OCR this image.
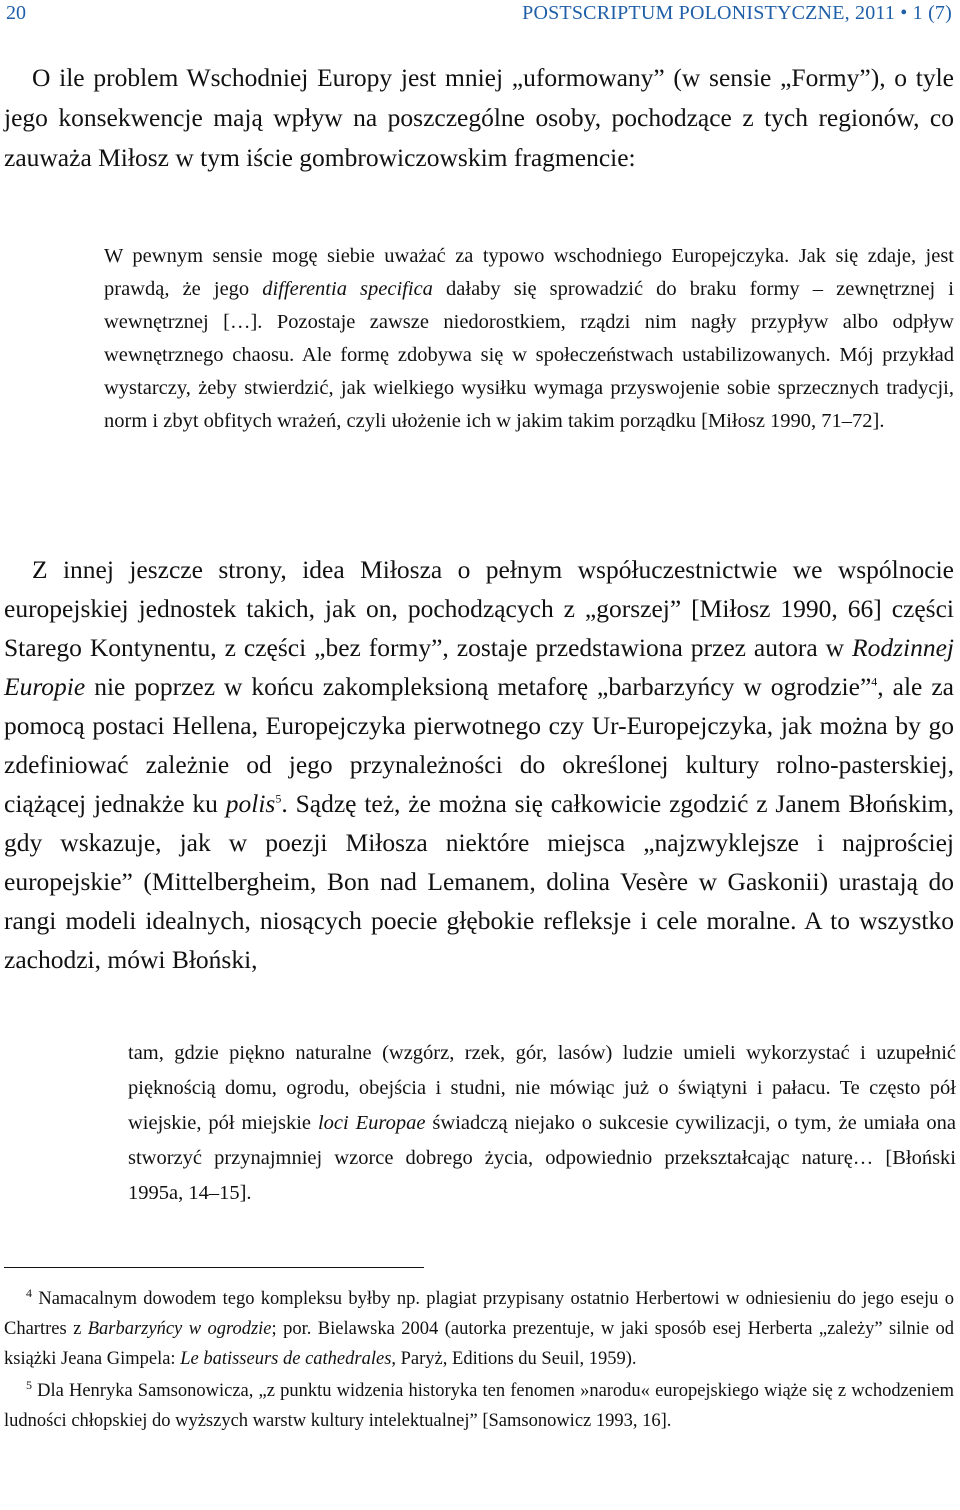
20	POSTSCRIPTUM POLONISTYCZNE, 2011 • 1 (7)

O ile problem Wschodniej Europy jest mniej „uformowany” (w sensie „Formy”), o tyle jego konsekwencje mają wpływ na poszczególne osoby, pochodzące z tych regionów, co zauważa Miłosz w tym iście gombrowiczowskim fragmencie:

W pewnym sensie mogę siebie uważać za typowo wschodniego Europejczyka. Jak się zdaje, jest prawdą, że jego differentia specifica dałaby się sprowadzić do braku formy – zewnętrznej i wewnętrznej […]. Pozostaje zawsze niedorostkiem, rządzi nim nagły przypływ albo odpływ wewnętrznego chaosu. Ale formę zdobywa się w społeczeństwach ustabilizowanych. Mój przykład wystarczy, żeby stwierdzić, jak wielkiego wysiłku wymaga przyswojenie sobie sprzecznych tradycji, norm i zbyt obfitych wrażeń, czyli ułożenie ich w jakim takim porządku [Miłosz 1990, 71–72].

Z innej jeszcze strony, idea Miłosza o pełnym współuczestnictwie we wspólnocie europejskiej jednostek takich, jak on, pochodzących z „gorszej” [Miłosz 1990, 66] części Starego Kontynentu, z części „bez formy”, zostaje przedstawiona przez autora w Rodzinnej Europie nie poprzez w końcu zakompleksioną metaforę „barbarzyńcy w ogrodzie”$^4$, ale za pomocą postaci Hellena, Europejczyka pierwotnego czy Ur-Europejczyka, jak można by go zdefiniować zależnie od jego przynależności do określonej kultury rolno-pasterskiej, ciążącej jednakże ku polis$^5$. Sądzę też, że można się całkowicie zgodzić z Janem Błońskim, gdy wskazuje, jak w poezji Miłosza niektóre miejsca „najzwyklejsze i najprościej europejskie” (Mittelbergheim, Bon nad Lemanem, dolina Vesère w Gaskonii) urastają do rangi modeli idealnych, niosących poecie głębokie refleksje i cele moralne. A to wszystko zachodzi, mówi Błoński,

tam, gdzie piękno naturalne (wzgórz, rzek, gór, lasów) ludzie umieli wykorzystać i uzupełnić pięknością domu, ogrodu, obejścia i studni, nie mówiąc już o świątyni i pałacu. Te często pół wiejskie, pół miejskie loci Europae świadczą niejako o sukcesie cywilizacji, o tym, że umiała ona stworzyć przynajmniej wzorce dobrego życia, odpowiednio przekształcając naturę… [Błoński 1995a, 14–15].

$^4$ Namacalnym dowodem tego kompleksu byłby np. plagiat przypisany ostatnio Herbertowi w odniesieniu do jego eseju o Chartres z Barbarzyńcy w ogrodzie; por. Bielawska 2004 (autorka prezentuje, w jaki sposób esej Herberta „zależy” silnie od książki Jeana Gimpela: Le batisseurs de cathedrales, Paryż, Editions du Seuil, 1959).

$^5$ Dla Henryka Samsonowicza, „z punktu widzenia historyka ten fenomen »narodu« europejskiego wiąże się z wchodzeniem ludności chłopskiej do wyższych warstw kultury intelektualnej” [Samsonowicz 1993, 16].
